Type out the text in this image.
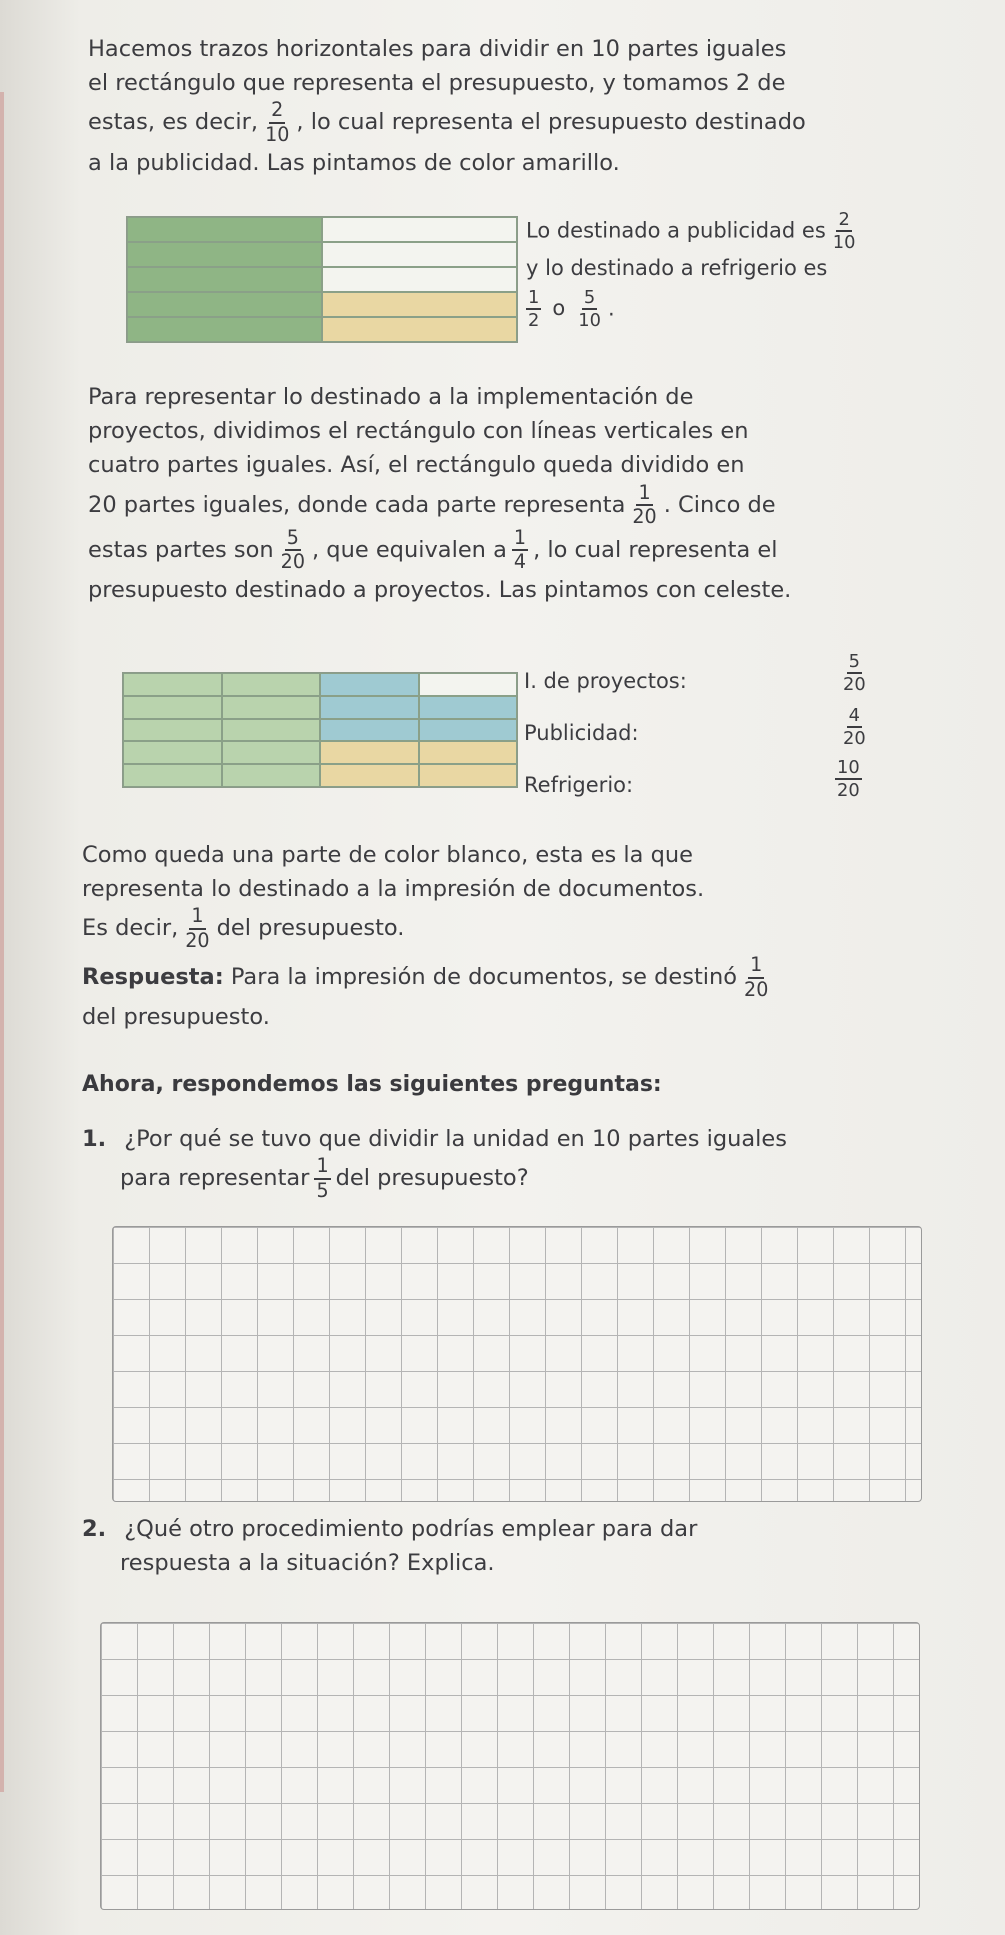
Hacemos trazos horizontales para dividir en 10 partes iguales
el rectángulo que representa el presupuesto, y tomamos 2 de
estas, es decir, $\frac{2}{10}$ , lo cual representa el presupuesto destinado
a la publicidad. Las pintamos de color amarillo.
Lo destinado a publicidad es $\frac{2}{10}$
y lo destinado a refrigerio es
$\frac{1}{2}$ o $\frac{5}{10}$ .
Para representar lo destinado a la implementación de
proyectos, dividimos el rectángulo con líneas verticales en
cuatro partes iguales. Así, el rectángulo queda dividido en
20 partes iguales, donde cada parte representa $\frac{1}{20}$ . Cinco de
estas partes son $\frac{5}{20}$ , que equivalen a $\frac{1}{4}$ , lo cual representa el
presupuesto destinado a proyectos. Las pintamos con celeste.
I. de proyectos:	$\frac{5}{20}$
Publicidad:	$\frac{4}{20}$
Refrigerio:	$\frac{10}{20}$
Como queda una parte de color blanco, esta es la que
representa lo destinado a la impresión de documentos.
Es decir, $\frac{1}{20}$ del presupuesto.
Respuesta: Para la impresión de documentos, se destinó $\frac{1}{20}$
del presupuesto.
Ahora, respondemos las siguientes preguntas:
1. ¿Por qué se tuvo que dividir la unidad en 10 partes iguales
para representar $\frac{1}{5}$ del presupuesto?
2. ¿Qué otro procedimiento podrías emplear para dar
respuesta a la situación? Explica.
